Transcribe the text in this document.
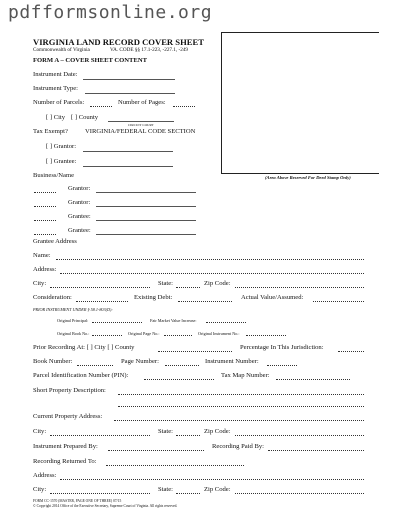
pdfformsonline.org
(Area Above Reserved For Deed Stamp Only)
VIRGINIA LAND RECORD COVER SHEET
Commonwealth of Virginia	VA. CODE §§ 17.1-223, -227.1, -249
FORM A – COVER SHEET CONTENT
Instrument Date:
Instrument Type:
Number of Parcels:	Number of Pages:
[ ] City [ ] County
CIRCUIT COURT
Tax Exempt?	VIRGINIA/FEDERAL CODE SECTION
[ ] Grantor:
[ ] Grantee:
Business/Name
Grantor:
Grantor:
Grantee:
Grantee:
Grantee Address
Name:
Address:
City:	State:	Zip Code:
Consideration:	Existing Debt:	Actual Value/Assumed:
PRIOR INSTRUMENT UNDER § 58.1-803(D):
Original Principal:	Fair Market Value Increase:
Original Book No.:	Original Page No.:	Original Instrument No.:
Prior Recording At: [ ] City [ ] County	Percentage In This Jurisdiction:
Book Number:	Page Number:	Instrument Number:
Parcel Identification Number (PIN):	Tax Map Number:
Short Property Description:
Current Property Address:
City:	State:	Zip Code:
Instrument Prepared By:	Recording Paid By:
Recording Returned To:
Address:
City:	State:	Zip Code:
FORM CC-1570 (MASTER, PAGE ONE OF THREE) 07/15
© Copyright 2014 Office of the Executive Secretary, Supreme Court of Virginia. All rights reserved.
